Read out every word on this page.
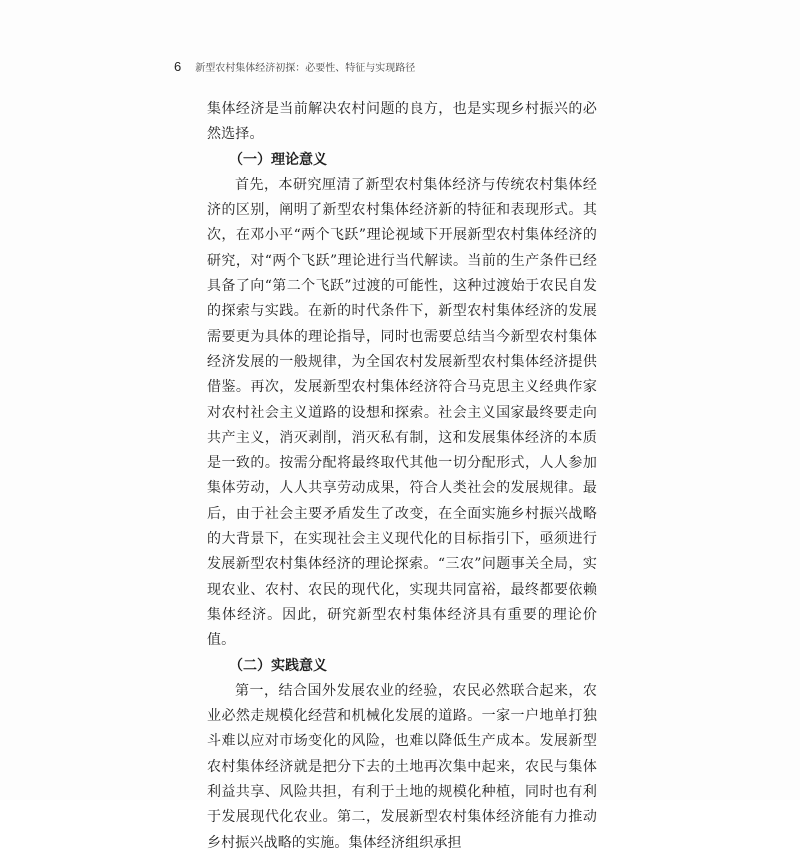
6 新型农村集体经济初探：必要性、特征与实现路径

集体经济是当前解决农村问题的良方，也是实现乡村振兴的必然选择。

（一）理论意义

首先，本研究厘清了新型农村集体经济与传统农村集体经济的区别，阐明了新型农村集体经济新的特征和表现形式。其次，在邓小平“两个飞跃”理论视域下开展新型农村集体经济的研究，对“两个飞跃”理论进行当代解读。当前的生产条件已经具备了向“第二个飞跃”过渡的可能性，这种过渡始于农民自发的探索与实践。在新的时代条件下，新型农村集体经济的发展需要更为具体的理论指导，同时也需要总结当今新型农村集体经济发展的一般规律，为全国农村发展新型农村集体经济提供借鉴。再次，发展新型农村集体经济符合马克思主义经典作家对农村社会主义道路的设想和探索。社会主义国家最终要走向共产主义，消灭剥削，消灭私有制，这和发展集体经济的本质是一致的。按需分配将最终取代其他一切分配形式，人人参加集体劳动，人人共享劳动成果，符合人类社会的发展规律。最后，由于社会主要矛盾发生了改变，在全面实施乡村振兴战略的大背景下，在实现社会主义现代化的目标指引下，亟须进行发展新型农村集体经济的理论探索。“三农”问题事关全局，实现农业、农村、农民的现代化，实现共同富裕，最终都要依赖集体经济。因此，研究新型农村集体经济具有重要的理论价值。

（二）实践意义

第一，结合国外发展农业的经验，农民必然联合起来，农业必然走规模化经营和机械化发展的道路。一家一户地单打独斗难以应对市场变化的风险，也难以降低生产成本。发展新型农村集体经济就是把分下去的土地再次集中起来，农民与集体利益共享、风险共担，有利于土地的规模化种植，同时也有利于发展现代化农业。第二，发展新型农村集体经济能有力推动乡村振兴战略的实施。集体经济组织承担
